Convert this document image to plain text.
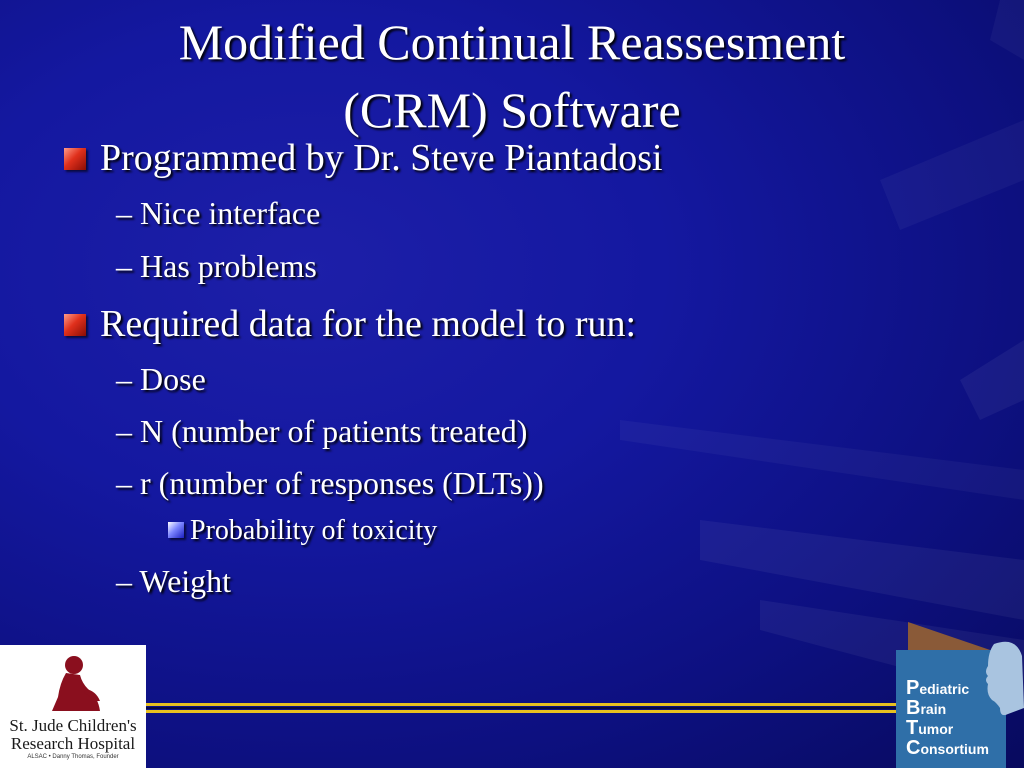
Modified Continual Reassesment
(CRM) Software
Programmed by Dr. Steve Piantadosi
– Nice interface
– Has problems
Required data for the model to run:
– Dose
– N (number of patients treated)
– r (number of responses (DLTs))
Probability of toxicity
– Weight
St. Jude Children's
Research Hospital
ALSAC • Danny Thomas, Founder
Pediatric
Brain
Tumor
Consortium
